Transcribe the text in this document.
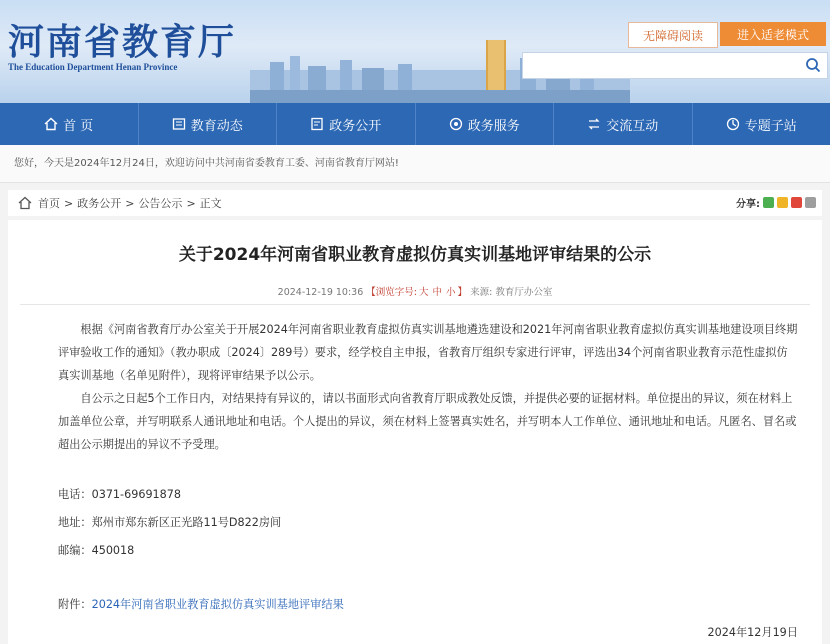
河南省教育厅
The Education Department Henan Province
无障碍阅读	进入适老模式
首 页	教育动态	政务公开	政务服务	交流互动	专题子站
您好，今天是2024年12月24日，欢迎访问中共河南省委教育工委、河南省教育厅网站!
首页 > 政务公开 > 公告公示 > 正文	分享:
关于2024年河南省职业教育虚拟仿真实训基地评审结果的公示
2024-12-19 10:36 【浏览字号: 大 中 小 】 来源: 教育厅办公室

根据《河南省教育厅办公室关于开展2024年河南省职业教育虚拟仿真实训基地遴选建设和2021年河南省职业教育虚拟仿真实训基地建设项目终期评审验收工作的通知》（教办职成〔2024〕289号）要求，经学校自主申报，省教育厅组织专家进行评审，评选出34个河南省职业教育示范性虚拟仿真实训基地（名单见附件），现将评审结果予以公示。

自公示之日起5个工作日内，对结果持有异议的，请以书面形式向省教育厅职成教处反馈，并提供必要的证据材料。单位提出的异议，须在材料上加盖单位公章，并写明联系人通讯地址和电话。个人提出的异议，须在材料上签署真实姓名，并写明本人工作单位、通讯地址和电话。凡匿名、冒名或超出公示期提出的异议不予受理。

电话：0371-69691878
地址：郑州市郑东新区正光路11号D822房间
邮编：450018
附件：2024年河南省职业教育虚拟仿真实训基地评审结果
2024年12月19日
